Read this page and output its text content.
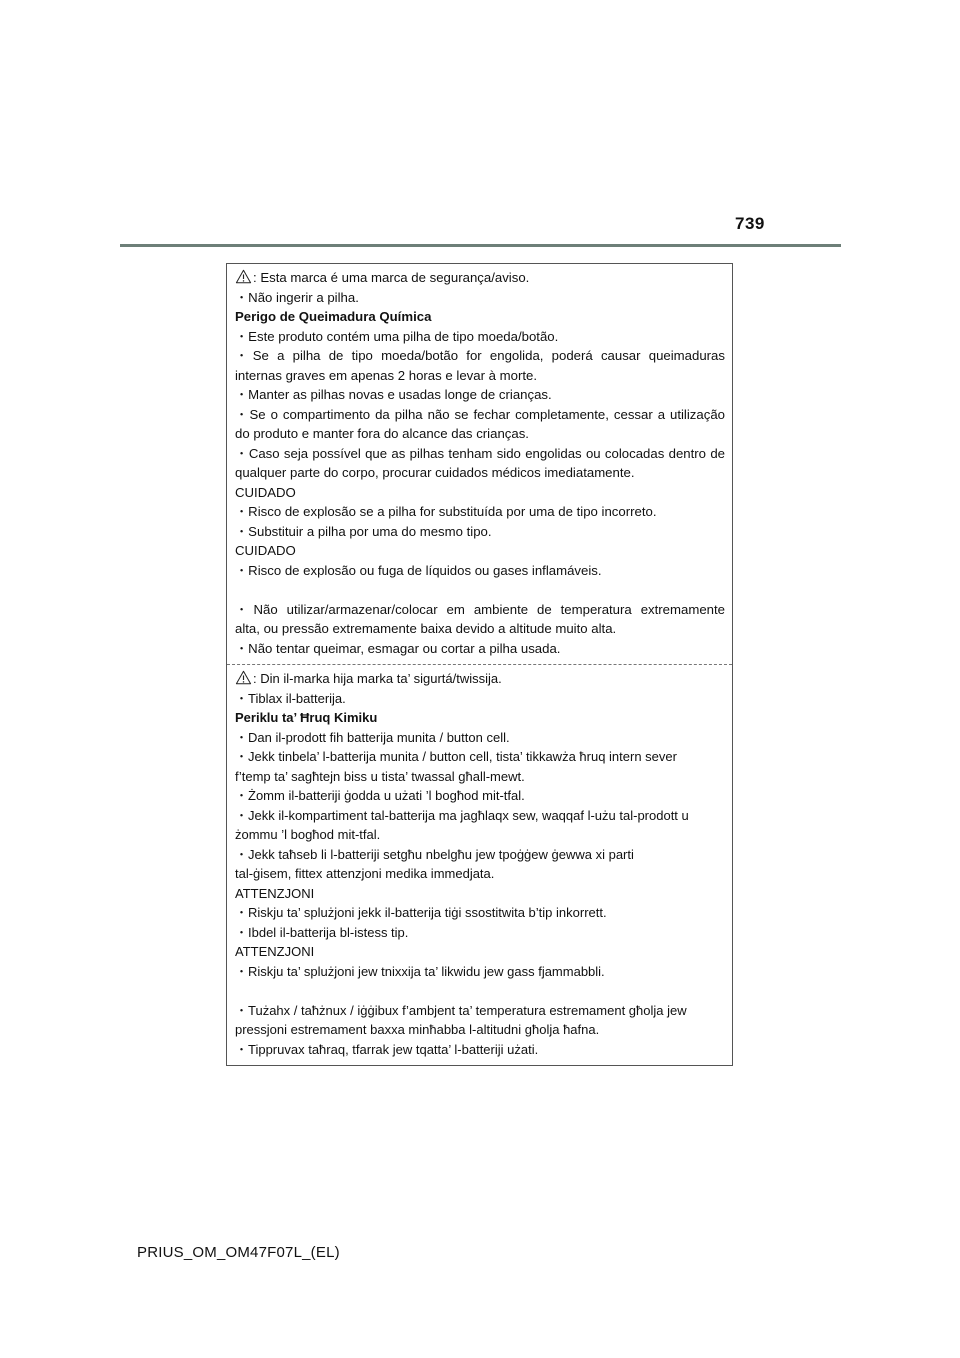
739
: Esta marca é uma marca de segurança/aviso.
・Não ingerir a pilha.
Perigo de Queimadura Química
・Este produto contém uma pilha de tipo moeda/botão.
・Se a pilha de tipo moeda/botão for engolida, poderá causar queimaduras
internas graves em apenas 2 horas e levar à morte.
・Manter as pilhas novas e usadas longe de crianças.
・Se o compartimento da pilha não se fechar completamente, cessar a utilização
do produto e manter fora do alcance das crianças.
・Caso seja possível que as pilhas tenham sido engolidas ou colocadas dentro de
qualquer parte do corpo, procurar cuidados médicos imediatamente.
CUIDADO
・Risco de explosão se a pilha for substituída por uma de tipo incorreto.
・Substituir a pilha por uma do mesmo tipo.
CUIDADO
・Risco de explosão ou fuga de líquidos ou gases inflamáveis.
・Não utilizar/armazenar/colocar em ambiente de temperatura extremamente
alta, ou pressão extremamente baixa devido a altitude muito alta.
・Não tentar queimar, esmagar ou cortar a pilha usada.
: Din il-marka hija marka ta’ sigurtá/twissija.
・Tiblax il-batterija.
Periklu ta’ Ħruq Kimiku
・Dan il-prodott fih batterija munita / button cell.
・Jekk tinbela’ l-batterija munita / button cell, tista’ tikkawża ħruq intern sever
f’temp ta’ sagħtejn biss u tista’ twassal għall-mewt.
・Żomm il-batteriji ġodda u użati ’l bogħod mit-tfal.
・Jekk il-kompartiment tal-batterija ma jagħlaqx sew, waqqaf l-użu tal-prodott u
żommu ’l bogħod mit-tfal.
・Jekk taħseb li l-batteriji setgħu nbelgħu jew tpoġġew ġewwa xi parti
tal-ġisem, fittex attenzjoni medika immedjata.
ATTENZJONI
・Riskju ta’ splużjoni jekk il-batterija tiġi ssostitwita b’tip inkorrett.
・Ibdel il-batterija bl-istess tip.
ATTENZJONI
・Riskju ta’ splużjoni jew tnixxija ta’ likwidu jew gass fjammabbli.
・Tużahx / taħżnux / iġġibux f’ambjent ta’ temperatura estremament għolja jew
pressjoni estremament baxxa minħabba l-altitudni għolja ħafna.
・Tippruvax taħraq, tfarrak jew tqatta’ l-batteriji użati.
PRIUS_OM_OM47F07L_(EL)
